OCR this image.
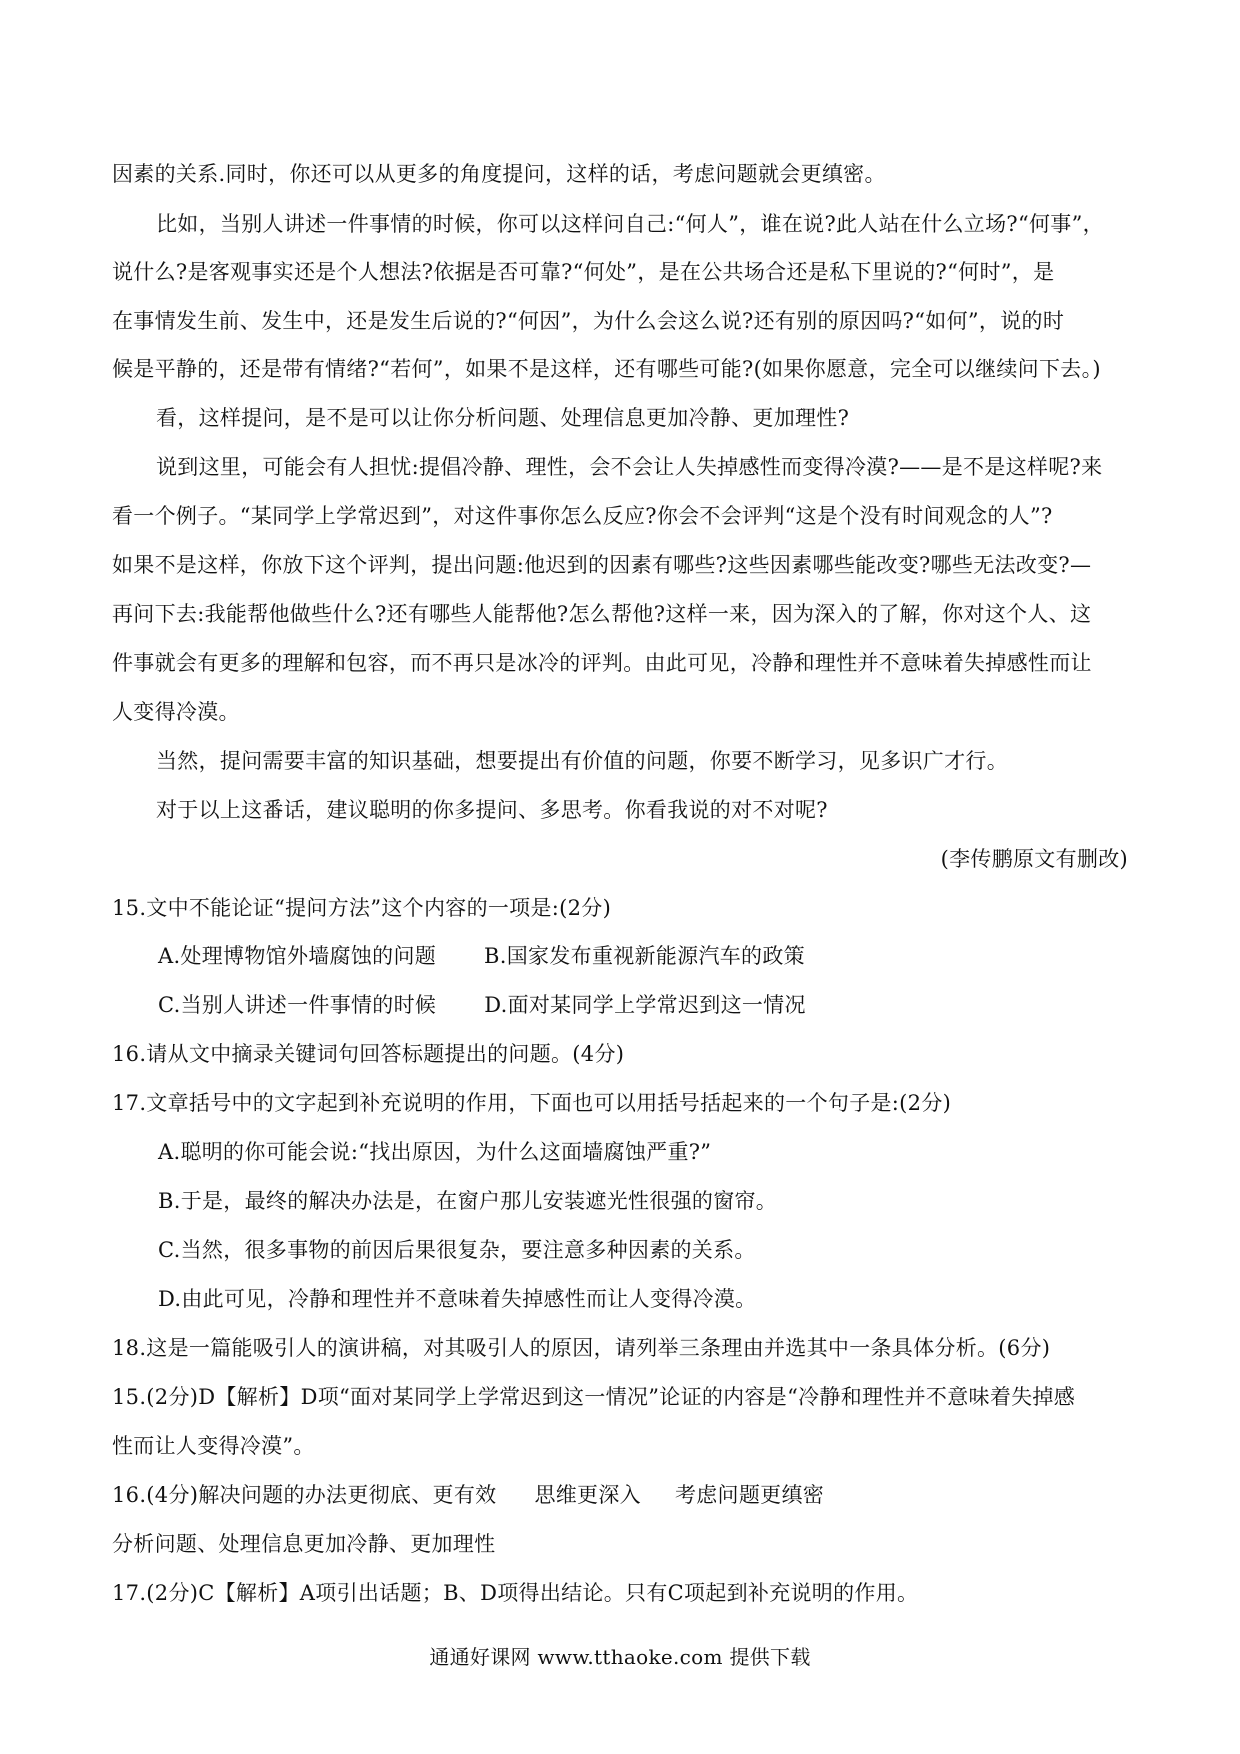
因素的关系.同时，你还可以从更多的角度提问，这样的话，考虑问题就会更缜密。
比如，当别人讲述一件事情的时候，你可以这样问自己:“何人”，谁在说?此人站在什么立场?“何事”，
说什么?是客观事实还是个人想法?依据是否可靠?“何处”，是在公共场合还是私下里说的?“何时”，是
在事情发生前、发生中，还是发生后说的?“何因”，为什么会这么说?还有别的原因吗?“如何”，说的时
候是平静的，还是带有情绪?“若何”，如果不是这样，还有哪些可能?(如果你愿意，完全可以继续问下去。)
看，这样提问，是不是可以让你分析问题、处理信息更加冷静、更加理性?
说到这里，可能会有人担忧:提倡冷静、理性，会不会让人失掉感性而变得冷漠?——是不是这样呢?来
看一个例子。“某同学上学常迟到”，对这件事你怎么反应?你会不会评判“这是个没有时间观念的人”?
如果不是这样，你放下这个评判，提出问题:他迟到的因素有哪些?这些因素哪些能改变?哪些无法改变?—
再问下去:我能帮他做些什么?还有哪些人能帮他?怎么帮他?这样一来，因为深入的了解，你对这个人、这
件事就会有更多的理解和包容，而不再只是冰冷的评判。由此可见，冷静和理性并不意味着失掉感性而让
人变得冷漠。
当然，提问需要丰富的知识基础，想要提出有价值的问题，你要不断学习，见多识广才行。
对于以上这番话，建议聪明的你多提问、多思考。你看我说的对不对呢?
(李传鹏原文有删改)
15.文中不能论证“提问方法”这个内容的一项是:(2分)
A.处理博物馆外墙腐蚀的问题 B.国家发布重视新能源汽车的政策
C.当别人讲述一件事情的时候 D.面对某同学上学常迟到这一情况
16.请从文中摘录关键词句回答标题提出的问题。(4分)
17.文章括号中的文字起到补充说明的作用，下面也可以用括号括起来的一个句子是:(2分)
A.聪明的你可能会说:“找出原因，为什么这面墙腐蚀严重?”
B.于是，最终的解决办法是，在窗户那儿安装遮光性很强的窗帘。
C.当然，很多事物的前因后果很复杂，要注意多种因素的关系。
D.由此可见，冷静和理性并不意味着失掉感性而让人变得冷漠。
18.这是一篇能吸引人的演讲稿，对其吸引人的原因，请列举三条理由并选其中一条具体分析。(6分)
15.(2分)D【解析】D项“面对某同学上学常迟到这一情况”论证的内容是“冷静和理性并不意味着失掉感
性而让人变得冷漠”。
16.(4分)解决问题的办法更彻底、更有效 思维更深入 考虑问题更缜密
分析问题、处理信息更加冷静、更加理性
17.(2分)C【解析】A项引出话题；B、D项得出结论。只有C项起到补充说明的作用。
通通好课网 www.tthaoke.com 提供下载
